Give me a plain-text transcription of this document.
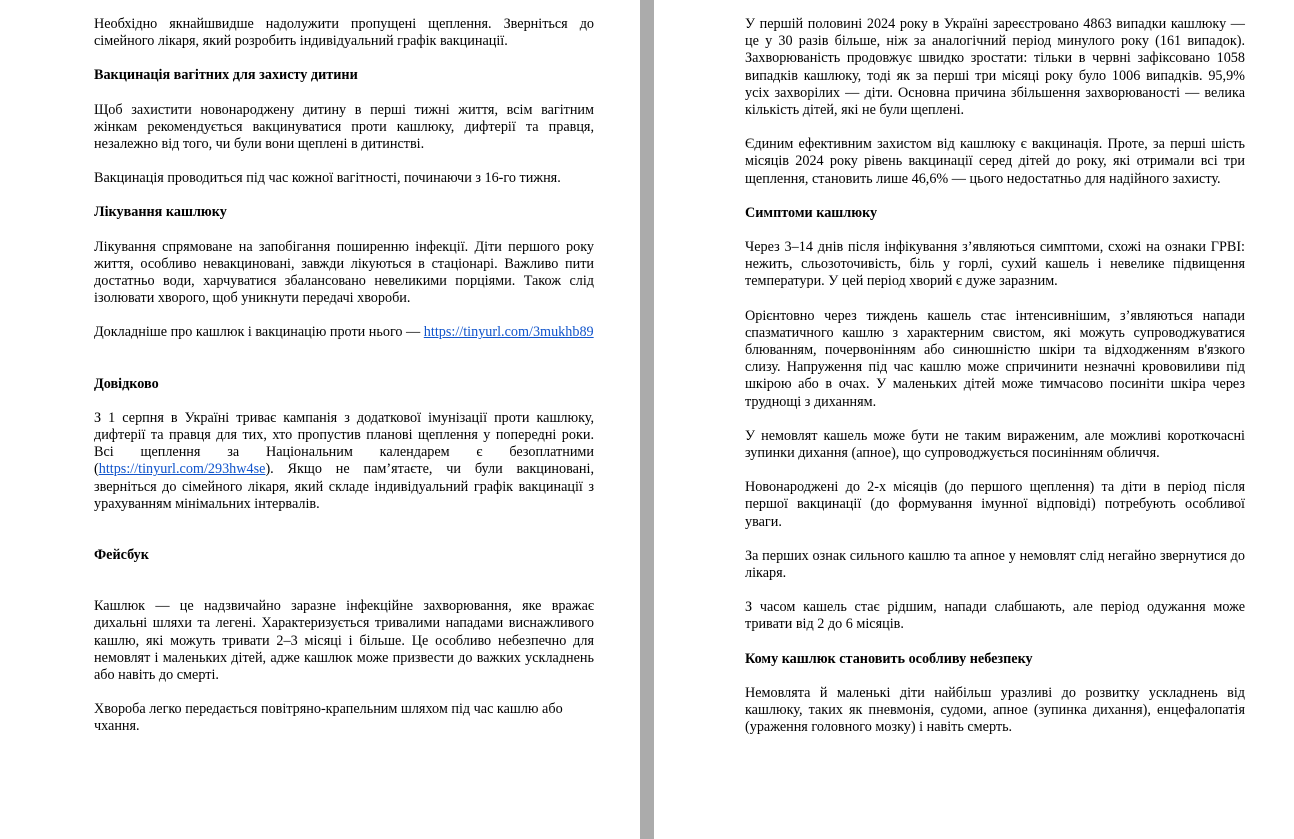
Необхідно якнайшвидше надолужити пропущені щеплення. Зверніться до сімейного лікаря, який розробить індивідуальний графік вакцинації.

Вакцинація вагітних для захисту дитини

Щоб захистити новонароджену дитину в перші тижні життя, всім вагітним жінкам рекомендується вакцинуватися проти кашлюку, дифтерії та правця, незалежно від того, чи були вони щеплені в дитинстві.

Вакцинація проводиться під час кожної вагітності, починаючи з 16-го тижня.

Лікування кашлюку

Лікування спрямоване на запобігання поширенню інфекції. Діти першого року життя, особливо невакциновані, завжди лікуються в стаціонарі. Важливо пити достатньо води, харчуватися збалансовано невеликими порціями. Також слід ізолювати хворого, щоб уникнути передачі хвороби.

Докладніше про кашлюк і вакцинацію проти нього — https://tinyurl.com/3mukhb89

Довідково

З 1 серпня в Україні триває кампанія з додаткової імунізації проти кашлюку, дифтерії та правця для тих, хто пропустив планові щеплення у попередні роки. Всі щеплення за Національним календарем є безоплатними (https://tinyurl.com/293hw4se). Якщо не пам’ятаєте, чи були вакциновані, зверніться до сімейного лікаря, який складе індивідуальний графік вакцинації з урахуванням мінімальних інтервалів.

Фейсбук

Кашлюк — це надзвичайно заразне інфекційне захворювання, яке вражає дихальні шляхи та легені. Характеризується тривалими нападами виснажливого кашлю, які можуть тривати 2–3 місяці і більше. Це особливо небезпечно для немовлят і маленьких дітей, адже кашлюк може призвести до важких ускладнень або навіть до смерті.

Хвороба легко передається повітряно-крапельним шляхом під час кашлю або чхання.

У першій половині 2024 року в Україні зареєстровано 4863 випадки кашлюку — це у 30 разів більше, ніж за аналогічний період минулого року (161 випадок). Захворюваність продовжує швидко зростати: тільки в червні зафіксовано 1058 випадків кашлюку, тоді як за перші три місяці року було 1006 випадків. 95,9% усіх захворілих — діти. Основна причина збільшення захворюваності — велика кількість дітей, які не були щеплені.

Єдиним ефективним захистом від кашлюку є вакцинація. Проте, за перші шість місяців 2024 року рівень вакцинації серед дітей до року, які отримали всі три щеплення, становить лише 46,6% — цього недостатньо для надійного захисту.

Симптоми кашлюку

Через 3–14 днів після інфікування з’являються симптоми, схожі на ознаки ГРВІ: нежить, сльозоточивість, біль у горлі, сухий кашель і невелике підвищення температури. У цей період хворий є дуже заразним.

Орієнтовно через тиждень кашель стає інтенсивнішим, з’являються напади спазматичного кашлю з характерним свистом, які можуть супроводжуватися блюванням, почервонінням або синюшністю шкіри та відходженням в'язкого слизу. Напруження під час кашлю може спричинити незначні крововиливи під шкірою або в очах. У маленьких дітей може тимчасово посиніти шкіра через труднощі з диханням.

У немовлят кашель може бути не таким вираженим, але можливі короткочасні зупинки дихання (апное), що супроводжується посинінням обличчя.

Новонароджені до 2-х місяців (до першого щеплення) та діти в період після першої вакцинації (до формування імунної відповіді) потребують особливої уваги.

За перших ознак сильного кашлю та апное у немовлят слід негайно звернутися до лікаря.

З часом кашель стає рідшим, напади слабшають, але період одужання може тривати від 2 до 6 місяців.

Кому кашлюк становить особливу небезпеку

Немовлята й маленькі діти найбільш уразливі до розвитку ускладнень від кашлюку, таких як пневмонія, судоми, апное (зупинка дихання), енцефалопатія (ураження головного мозку) і навіть смерть.
